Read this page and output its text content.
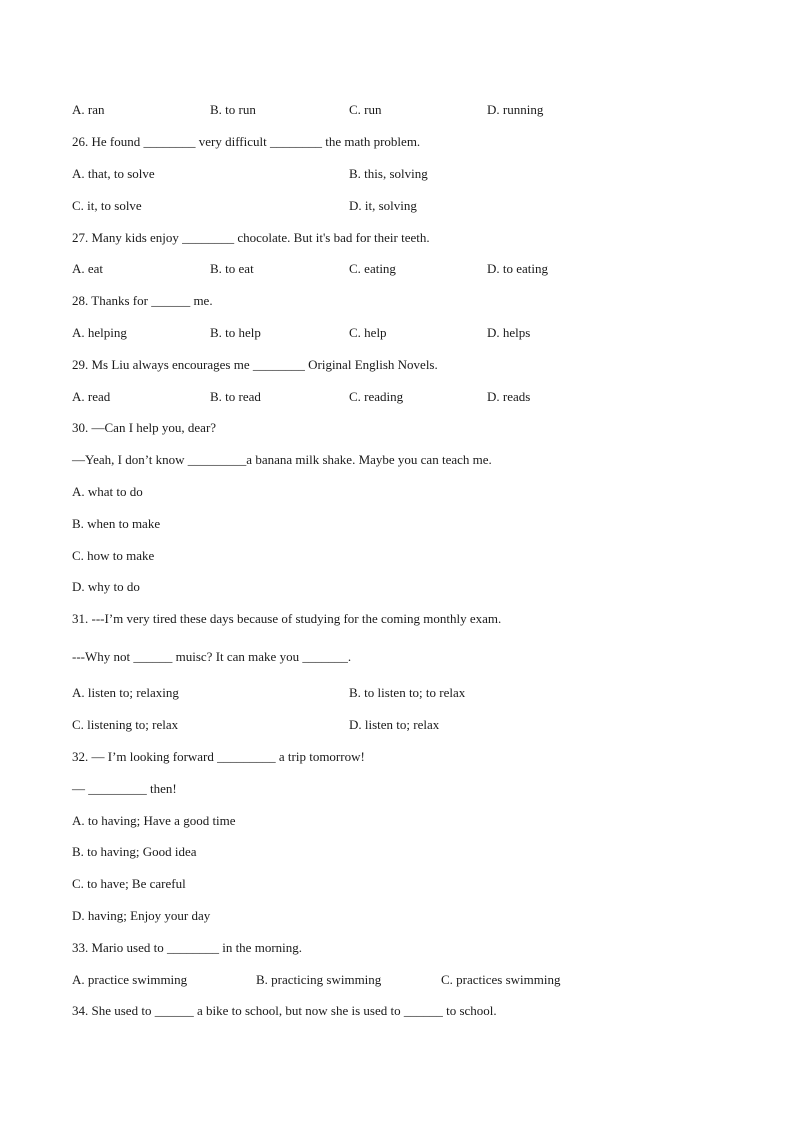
A. ran	B. to run	C. run	D. running
26. He found ________ very difficult ________ the math problem.
A. that, to solve	B. this, solving
C. it, to solve	D. it, solving
27. Many kids enjoy ________ chocolate. But it's bad for their teeth.
A. eat	B. to eat	C. eating	D. to eating
28. Thanks for ______ me.
A. helping	B. to help	C. help	D. helps
29. Ms Liu always encourages me ________ Original English Novels.
A. read	B. to read	C. reading	D. reads
30. —Can I help you, dear?
—Yeah, I don’t know _________a banana milk shake. Maybe you can teach me.
A. what to do
B. when to make
C. how to make
D. why to do
31. ---I’m very tired these days because of studying for the coming monthly exam.
---Why not ______ muisc? It can make you _______.
A. listen to; relaxing	B. to listen to; to relax
C. listening to; relax	D. listen to; relax
32. — I’m looking forward _________ a trip tomorrow!
— _________ then!
A. to having; Have a good time
B. to having; Good idea
C. to have; Be careful
D. having; Enjoy your day
33. Mario used to ________ in the morning.
A. practice swimming	B. practicing swimming	C. practices swimming
34. She used to ______ a bike to school, but now she is used to ______ to school.
